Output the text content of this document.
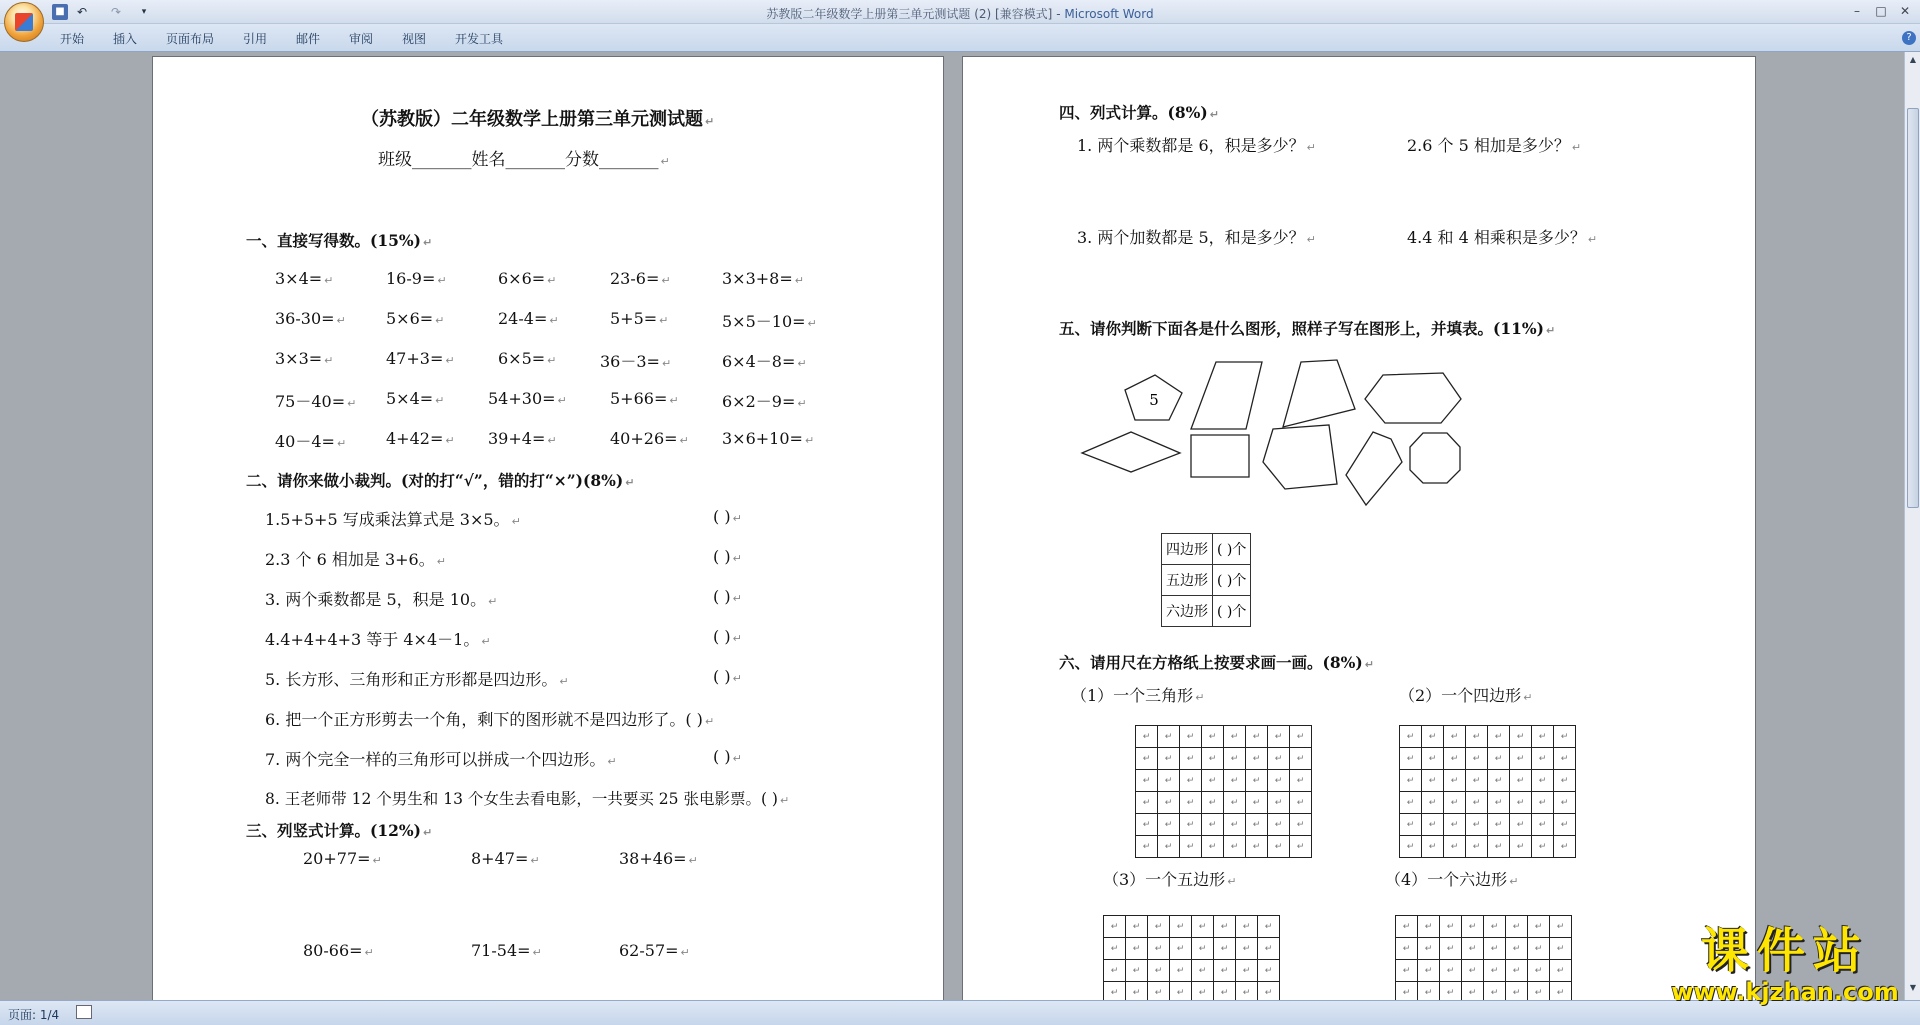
■ ↶ ↷	▾	苏教版二年级数学上册第三单元测试题 (2) [兼容模式] - Microsoft Word	–	□	✕
开始 插入 页面布局 引用 邮件 审阅 视图 开发工具	?
（苏教版）二年级数学上册第三单元测试题 ↵
班级_______姓名_______分数_______ ↵
一、直接写得数。(15%) ↵
3×4= ↵	16-9= ↵	6×6= ↵	23-6= ↵	3×3+8= ↵
36-30= ↵	5×6= ↵	24-4= ↵	5+5= ↵	5×5－10= ↵
3×3= ↵	47+3= ↵	6×5= ↵	36－3= ↵	6×4－8= ↵
75－40= ↵ 5×4= ↵	54+30= ↵	5+66= ↵	6×2－9= ↵
40－4= ↵ 4+42= ↵ 39+4= ↵	40+26= ↵ 3×6+10= ↵
二、请你来做小裁判。(对的打“√”，错的打“×”)(8%) ↵
1.5+5+5 写成乘法算式是 3×5。 ↵	( ) ↵
2.3 个 6 相加是 3+6。 ↵	( ) ↵
3. 两个乘数都是 5，积是 10。 ↵	( ) ↵
4.4+4+4+3 等于 4×4－1。 ↵	( ) ↵
5. 长方形、三角形和正方形都是四边形。 ↵	( ) ↵
6. 把一个正方形剪去一个角，剩下的图形就不是四边形了。( ) ↵
7. 两个完全一样的三角形可以拼成一个四边形。 ↵	( ) ↵
8. 王老师带 12 个男生和 13 个女生去看电影，一共要买 25 张电影票。( ) ↵
三、列竖式计算。(12%) ↵
20+77= ↵	8+47= ↵	38+46= ↵
80-66= ↵	71-54= ↵	62-57= ↵
四、列式计算。(8%) ↵
1. 两个乘数都是 6，积是多少？ ↵	2.6 个 5 相加是多少？ ↵
3. 两个加数都是 5，和是多少？ ↵	4.4 和 4 相乘积是多少？ ↵
五、请你判断下面各是什么图形，照样子写在图形上，并填表。(11%) ↵
5
四边形	( )个
五边形	( )个
六边形	( )个
六、请用尺在方格纸上按要求画一画。(8%) ↵
（1）一个三角形 ↵	（2）一个四边形 ↵
↵	↵	↵	↵	↵	↵	↵	↵
↵	↵	↵	↵	↵	↵	↵	↵
↵	↵	↵	↵	↵	↵	↵	↵
↵	↵	↵	↵	↵	↵	↵	↵
↵	↵	↵	↵	↵	↵	↵	↵
↵	↵	↵	↵	↵	↵	↵	↵
↵	↵	↵	↵	↵	↵	↵	↵
↵	↵	↵	↵	↵	↵	↵	↵
↵	↵	↵	↵	↵	↵	↵	↵
↵	↵	↵	↵	↵	↵	↵	↵
↵	↵	↵	↵	↵	↵	↵	↵
↵	↵	↵	↵	↵	↵	↵	↵
（3）一个五边形 ↵	（4）一个六边形 ↵
↵	↵	↵	↵	↵	↵	↵	↵
↵	↵	↵	↵	↵	↵	↵	↵
↵	↵	↵	↵	↵	↵	↵	↵
↵	↵	↵	↵	↵	↵	↵	↵
↵	↵	↵	↵	↵	↵	↵	↵
↵	↵	↵	↵	↵	↵	↵	↵
↵	↵	↵	↵	↵	↵	↵	↵
↵	↵	↵	↵	↵	↵	↵	↵
▲
▼
页面: 1/4
课件站
www.kjzhan.com
